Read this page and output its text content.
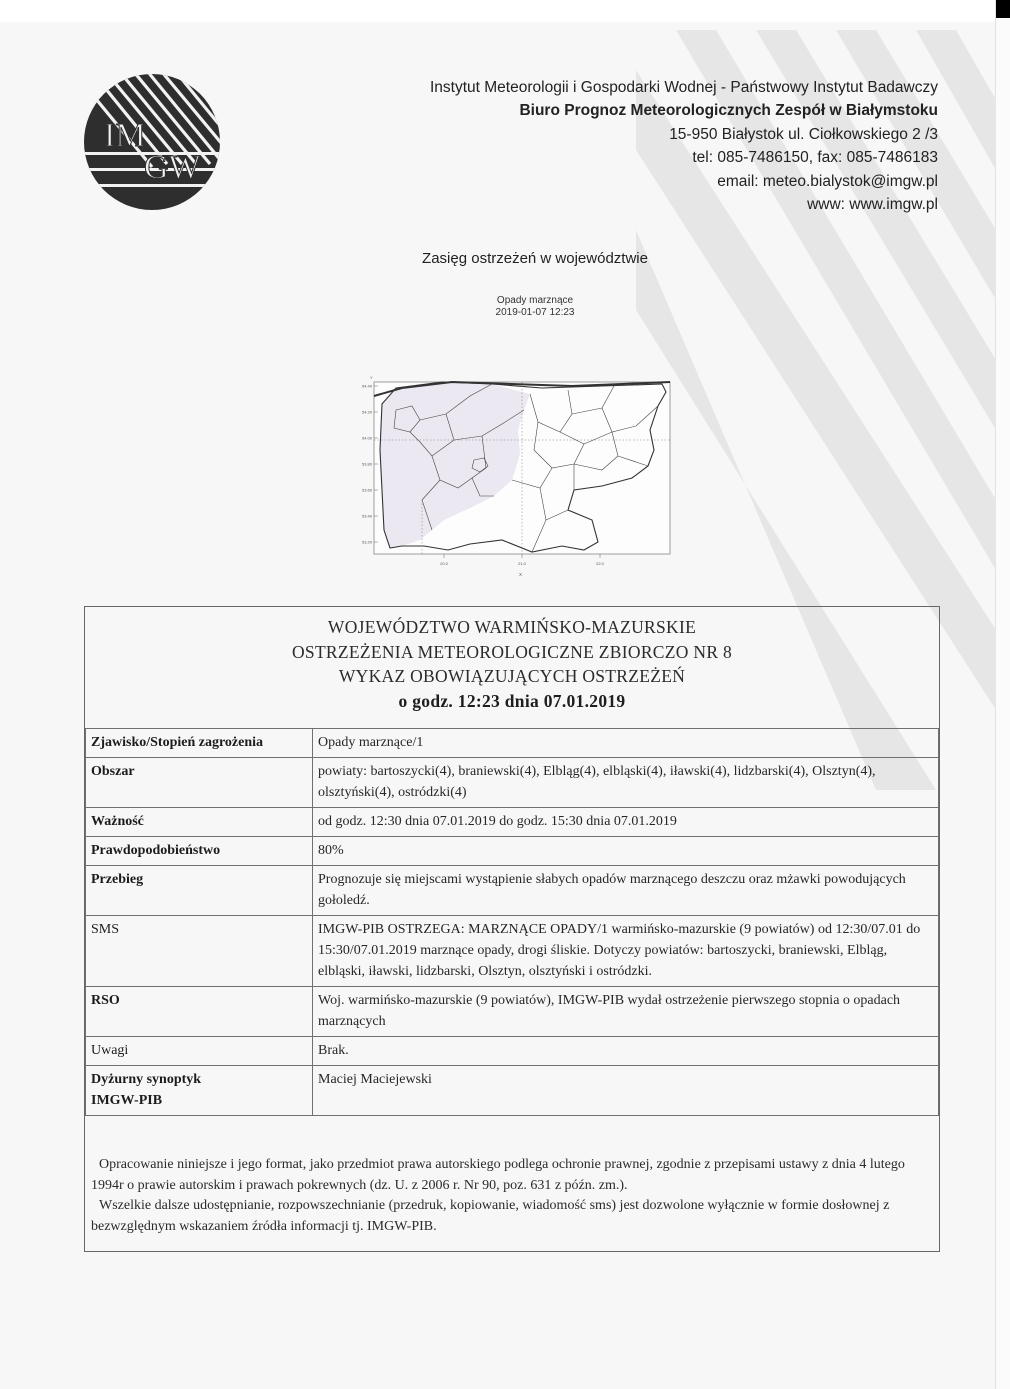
IM
GW
Instytut Meteorologii i Gospodarki Wodnej - Państwowy Instytut Badawczy
Biuro Prognoz Meteorologicznych Zespół w Białymstoku
15-950 Białystok ul. Ciołkowskiego 2 /3
tel: 085-7486150, fax: 085-7486183
email: meteo.bialystok@imgw.pl
www: www.imgw.pl
Zasięg ostrzeżeń w województwie
Opady marznące
2019-01-07 12:23
54.40
54.20
54.00
53.80
53.60
53.40
53.20
20.0	21.0	22.0
Y
X
WOJEWÓDZTWO WARMIŃSKO-MAZURSKIE
OSTRZEŻENIA METEOROLOGICZNE ZBIORCZO NR 8
WYKAZ OBOWIĄZUJĄCYCH OSTRZEŻEŃ
o godz. 12:23 dnia 07.01.2019
Zjawisko/Stopień zagrożenia	Opady marznące/1
Obszar	powiaty: bartoszycki(4), braniewski(4), Elbląg(4), elbląski(4), iławski(4), lidzbarski(4), Olsztyn(4), olsztyński(4), ostródzki(4)
Ważność	od godz. 12:30 dnia 07.01.2019 do godz. 15:30 dnia 07.01.2019
Prawdopodobieństwo	80%
Przebieg	Prognozuje się miejscami wystąpienie słabych opadów marznącego deszczu oraz mżawki powodujących gołoledź.
SMS	IMGW-PIB OSTRZEGA: MARZNĄCE OPADY/1 warmińsko-mazurskie (9 powiatów) od 12:30/07.01 do 15:30/07.01.2019 marznące opady, drogi śliskie. Dotyczy powiatów: bartoszycki, braniewski, Elbląg, elbląski, iławski, lidzbarski, Olsztyn, olsztyński i ostródzki.
RSO	Woj. warmińsko-mazurskie (9 powiatów), IMGW-PIB wydał ostrzeżenie pierwszego stopnia o opadach marznących
Uwagi	Brak.

Dyżurny synoptyk
IMGW-PIB	Maciej Maciejewski

Opracowanie niniejsze i jego format, jako przedmiot prawa autorskiego podlega ochronie prawnej, zgodnie z przepisami ustawy z dnia 4 lutego 1994r o prawie autorskim i prawach pokrewnych (dz. U. z 2006 r. Nr 90, poz. 631 z późn. zm.).

Wszelkie dalsze udostępnianie, rozpowszechnianie (przedruk, kopiowanie, wiadomość sms) jest dozwolone wyłącznie w formie dosłownej z bezwzględnym wskazaniem źródła informacji tj. IMGW-PIB.
